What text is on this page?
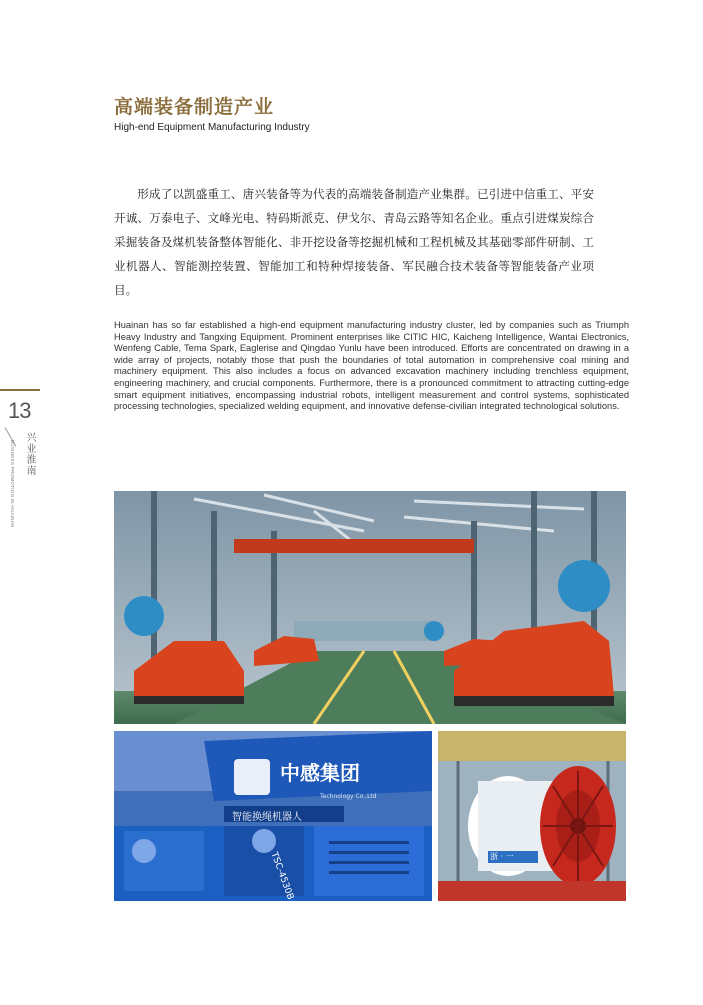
高端装备制造产业
High-end Equipment Manufacturing Industry

形成了以凯盛重工、唐兴装备等为代表的高端装备制造产业集群。已引进中信重工、平安开诚、万泰电子、文峰光电、特码斯派克、伊戈尔、青岛云路等知名企业。重点引进煤炭综合采掘装备及煤机装备整体智能化、非开挖设备等挖掘机械和工程机械及其基础零部件研制、工业机器人、智能测控装置、智能加工和特种焊接装备、军民融合技术装备等智能装备产业项目。

Huainan has so far established a high-end equipment manufacturing industry cluster, led by companies such as Triumph Heavy Industry and Tangxing Equipment. Prominent enterprises like CITIC HIC, Kaicheng Intelligence, Wantai Electronics, Wenfeng Cable, Tema Spark, Eaglerise and Qingdao Yunlu have been introduced. Efforts are concentrated on drawing in a wide array of projects, notably those that push the boundaries of total automation in comprehensive coal mining and machinery equipment. This also includes a focus on advanced excavation machinery including trenchless equipment, engineering machinery, and crucial components. Furthermore, there is a pronounced commitment to attracting cutting-edge smart equipment initiatives, encompassing industrial robots, intelligent measurement and control systems, sophisticated processing technologies, specialized welding equipment, and innovative defense-civilian integrated technological solutions.

13
兴业淮南
BUSINESS PROMOTION IN HUAINAN
中感集团
智能换绳机器人
Technology Co.,Ltd
TSC-4530B	浙 · 一
